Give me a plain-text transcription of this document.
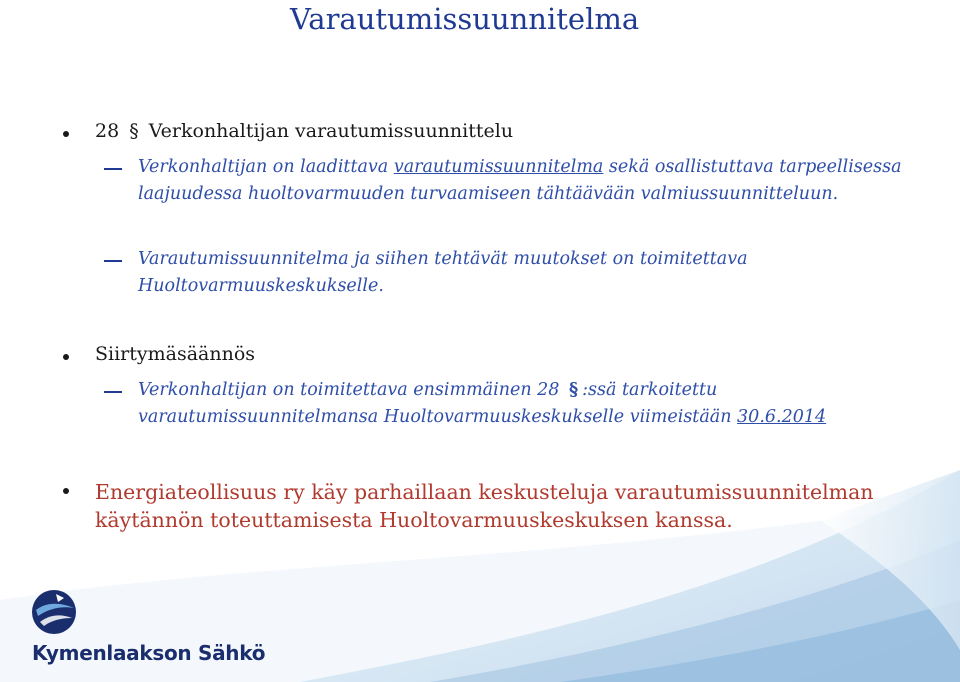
Varautumissuunnitelma
28 § Verkonhaltijan varautumissuunnittelu
Verkonhaltijan on laadittava varautumissuunnitelma sekä osallistuttava tarpeellisessa laajuudessa huoltovarmuuden turvaamiseen tähtäävään valmiussuunnitteluun.
Varautumissuunnitelma ja siihen tehtävät muutokset on toimitettava Huoltovarmuuskeskukselle.
Siirtymäsäännös
Verkonhaltijan on toimitettava ensimmäinen 28 § :ssä tarkoitettu varautumissuunnitelmansa Huoltovarmuuskeskukselle viimeistään 30.6.2014
Energiateollisuus ry käy parhaillaan keskusteluja varautumissuunnitelman käytännön toteuttamisesta Huoltovarmuuskeskuksen kanssa.
Kymenlaakson Sähkö
